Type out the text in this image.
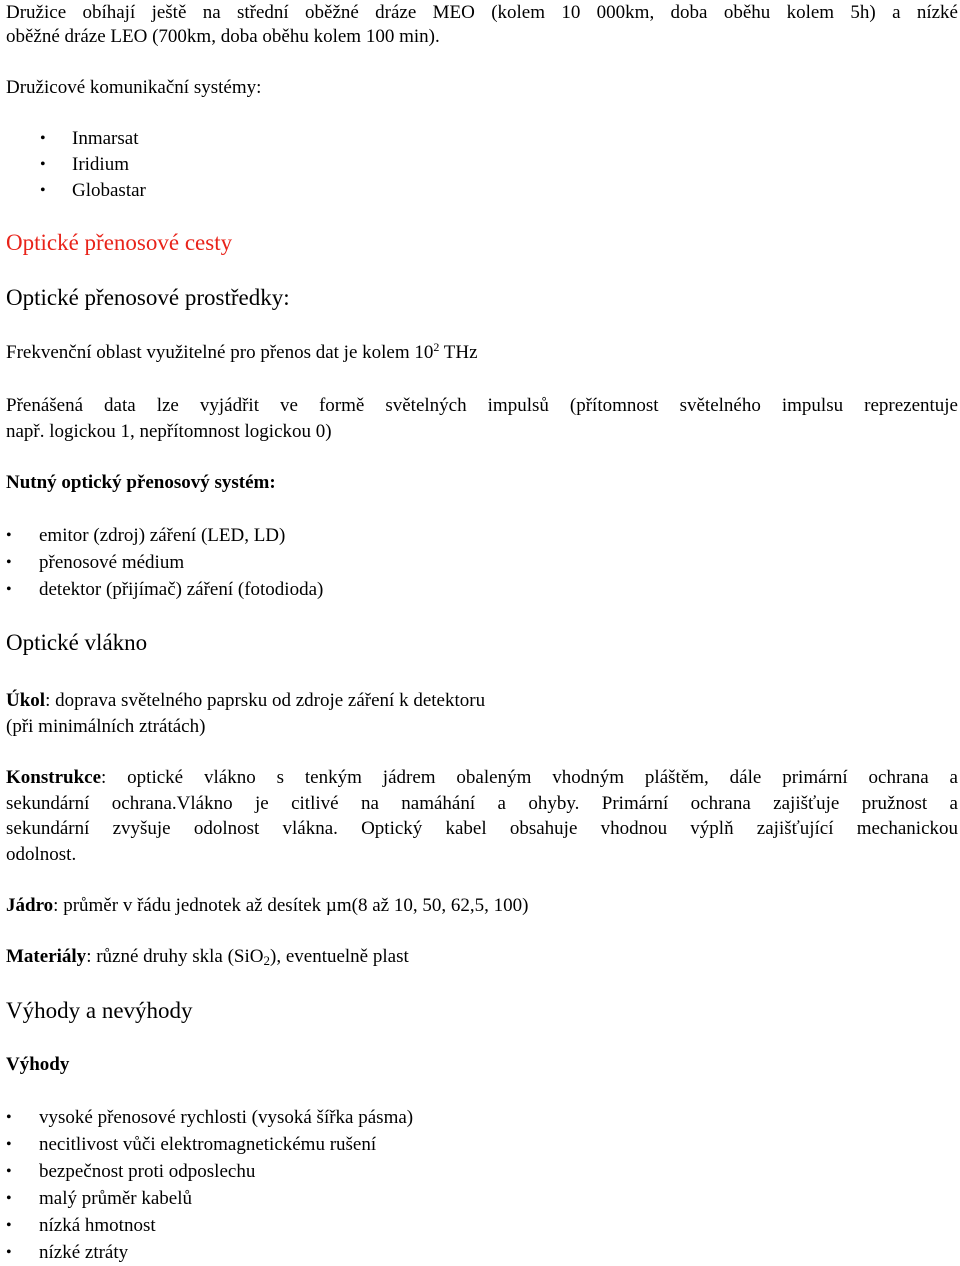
Družice obíhají ještě na střední oběžné dráze MEO (kolem 10 000km, doba oběhu kolem 5h) a nízké

oběžné dráze LEO (700km, doba oběhu kolem 100 min).

Družicové komunikační systémy:

• Inmarsat
• Iridium
• Globastar
Optické přenosové cesty
Optické přenosové prostředky:

Frekvenční oblast využitelné pro přenos dat je kolem $10^2$ THz

Přenášená data lze vyjádřit ve formě světelných impulsů (přítomnost světelného impulsu reprezentuje

např. logickou 1, nepřítomnost logickou 0)

Nutný optický přenosový systém:

• emitor (zdroj) záření (LED, LD)
• přenosové médium
• detektor (přijímač) záření (fotodioda)
Optické vlákno

Úkol: doprava světelného paprsku od zdroje záření k detektoru

(při minimálních ztrátách)

Konstrukce: optické vlákno s tenkým jádrem obaleným vhodným pláštěm, dále primární ochrana a

sekundární ochrana.Vlákno je citlivé na namáhání a ohyby. Primární ochrana zajišťuje pružnost a

sekundární zvyšuje odolnost vlákna. Optický kabel obsahuje vhodnou výplň zajišťující mechanickou

odolnost.

Jádro: průměr v řádu jednotek až desítek µm(8 až 10, 50, 62,5, 100)

Materiály: různé druhy skla (SiO$_2$), eventuelně plast

Výhody a nevýhody

Výhody

• vysoké přenosové rychlosti (vysoká šířka pásma)
• necitlivost vůči elektromagnetickému rušení
• bezpečnost proti odposlechu
• malý průměr kabelů
• nízká hmotnost
• nízké ztráty
